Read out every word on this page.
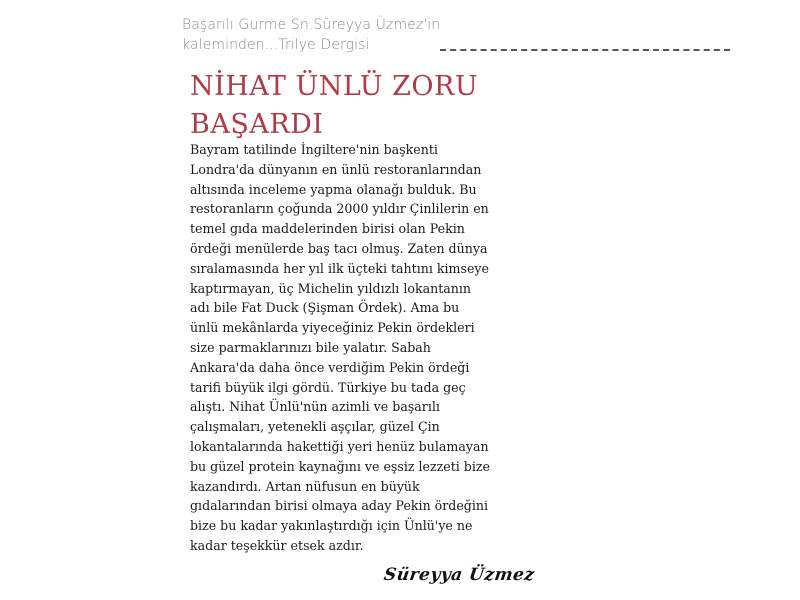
Başarılı Gurme Sn.Süreyya Üzmez'in
kaleminden...Trilye Dergisi
NİHAT ÜNLÜ ZORU
BAŞARDI
Bayram tatilinde İngiltere'nin başkenti
Londra'da dünyanın en ünlü restoranlarından
altısında inceleme yapma olanağı bulduk. Bu
restoranların çoğunda 2000 yıldır Çinlilerin en
temel gıda maddelerinden birisi olan Pekin
ördeği menülerde baş tacı olmuş. Zaten dünya
sıralamasında her yıl ilk üçteki tahtını kimseye
kaptırmayan, üç Michelin yıldızlı lokantanın
adı bile Fat Duck (Şişman Ördek). Ama bu
ünlü mekânlarda yiyeceğiniz Pekin ördekleri
size parmaklarınızı bile yalatır. Sabah
Ankara'da daha önce verdiğim Pekin ördeği
tarifi büyük ilgi gördü. Türkiye bu tada geç
alıştı. Nihat Ünlü'nün azimli ve başarılı
çalışmaları, yetenekli aşçılar, güzel Çin
lokantalarında hakettiği yeri henüz bulamayan
bu güzel protein kaynağını ve eşsiz lezzeti bize
kazandırdı. Artan nüfusun en büyük
gıdalarından birisi olmaya aday Pekin ördeğini
bize bu kadar yakınlaştırdığı için Ünlü'ye ne
kadar teşekkür etsek azdır.
Süreyya Üzmez
